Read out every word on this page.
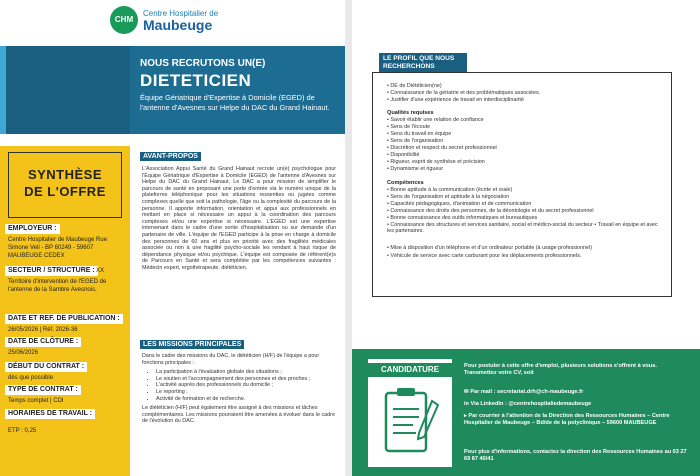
CHM
Centre Hospitalier de
Maubeuge
NOUS RECRUTONS UN(E)
DIETETICIEN
Équipe Gériatrique d'Expertise à Domicile (EGED) de l'antenne d'Avesnes sur Helpe du DAC du Grand Hainaut.
SYNTHÈSE
DE L'OFFRE
EMPLOYEUR :
Centre Hospitalier de Maubeuge Rue Simone Veil - BP 60249 - 59607 MAUBEUGE CEDEX
SECTEUR / STRUCTURE : XX
Territoire d'intervention de l'EGED de l'antenne de la Sambre Avesnois.
DATE ET REF. DE PUBLICATION :
26/05/2026 | Réf. 2026-36
DATE DE CLÔTURE :
25/06/2026
DÉBUT DU CONTRAT :
dès que possible
TYPE DE CONTRAT :
Temps complet | CDI
HORAIRES DE TRAVAIL :
ETP : 0,25
AVANT-PROPOS
L'Association Appui Santé du Grand Hainaut recrute un(e) psychologue pour l'Équipe Gériatrique d'Expertise à Domicile (EGED) de l'antenne d'Avesnes sur Helpe du DAC du Grand Hainaut. Le DAC a pour mission de simplifier le parcours de santé en proposant une porte d'entrée via le numéro unique de la plateforme téléphonique pour les situations ressenties ou jugées comme complexes quelle que soit la pathologie, l'âge ou la complexité du parcours de la personne. Il apporte information, orientation et appui aux professionnels en mettant en place si nécessaire un appui à la coordination des parcours complexes et/ou une expertise si nécessaire. L'EGED est une expertise intervenant dans le cadre d'une sortie d'hospitalisation ou sur demande d'un partenaire de ville. L'équipe de l'EGED participe à la prise en charge à domicile des personnes de 60 ans et plus en priorité avec des fragilités médicales associée ou non à une fragilité psycho-sociale les rendant à haut risque de dépendance physique et/ou psychique. L'équipe est composée de référent(e)s de Parcours en Santé et sera complétée par les compétences suivantes : Médecin expert, ergothérapeute, diététicien.
LES MISSIONS PRINCIPALES
Dans le cadre des missions du DAC, le diététicien (H/F) de l'équipe a pour fonctions principales :
• La participation à l'évaluation globale des situations ;
• Le soutien et l'accompagnement des personnes et des proches ;
• L'activité auprès des professionnels du domicile ;
• Le reporting ;
• Activité de formation et de recherche.
Le diététicien (H/F) peut également être assigné à des missions et tâches complémentaires. Les missions pourraient être amenées à évoluer dans le cadre de l'évolution du DAC.
LE PROFIL QUE NOUS RECHERCHONS
• DE de Diététicien(ne)
• Connaissance de la gériatrie et des problématiques associées.
• Justifier d'une expérience de travail en interdisciplinarité
Qualités requises
• Savoir établir une relation de confiance
• Sens de l'écoute
• Sens du travail en équipe
• Sens de l'organisation
• Discrétion et respect du secret professionnel
• Disponibilité
• Rigueur, esprit de synthèse et précision
• Dynamisme et rigueur
Compétences
• Bonne aptitude à la communication (écrite et orale)
• Sens de l'organisation et aptitude à la négociation
• Capacités pédagogiques, d'animation et de communication
• Connaissance des droits des personnes, de la déontologie et du secret professionnel
• Bonne connaissance des outils informatiques et bureautiques
• Connaissance des structures et services sanitaire, social et médico-social du secteur • Travail en équipe et avec les partenaires.
• Mise à disposition d'un téléphone et d'un ordinateur portable (à usage professionnel)
• Véhicule de service avec carte carburant pour les déplacements professionnels.
CANDIDATURE	Pour postuler à cette offre d'emploi, plusieurs solutions s'offrent à vous. Transmettez votre CV, soit
✉ Par mail : secretariat.drh@ch-maubeuge.fr
in Via LinkedIn : @centrehospitaliedemaubeuge
▸ Par courrier à l'attention de la Direction des Ressources Humaines – Centre Hospitalier de Maubeuge – Bd/de de la polyclinique – 59600 MAUBEUGE
Pour plus d'informations, contactez la direction des Ressources Humaines au 03 27 69 87 40/41
